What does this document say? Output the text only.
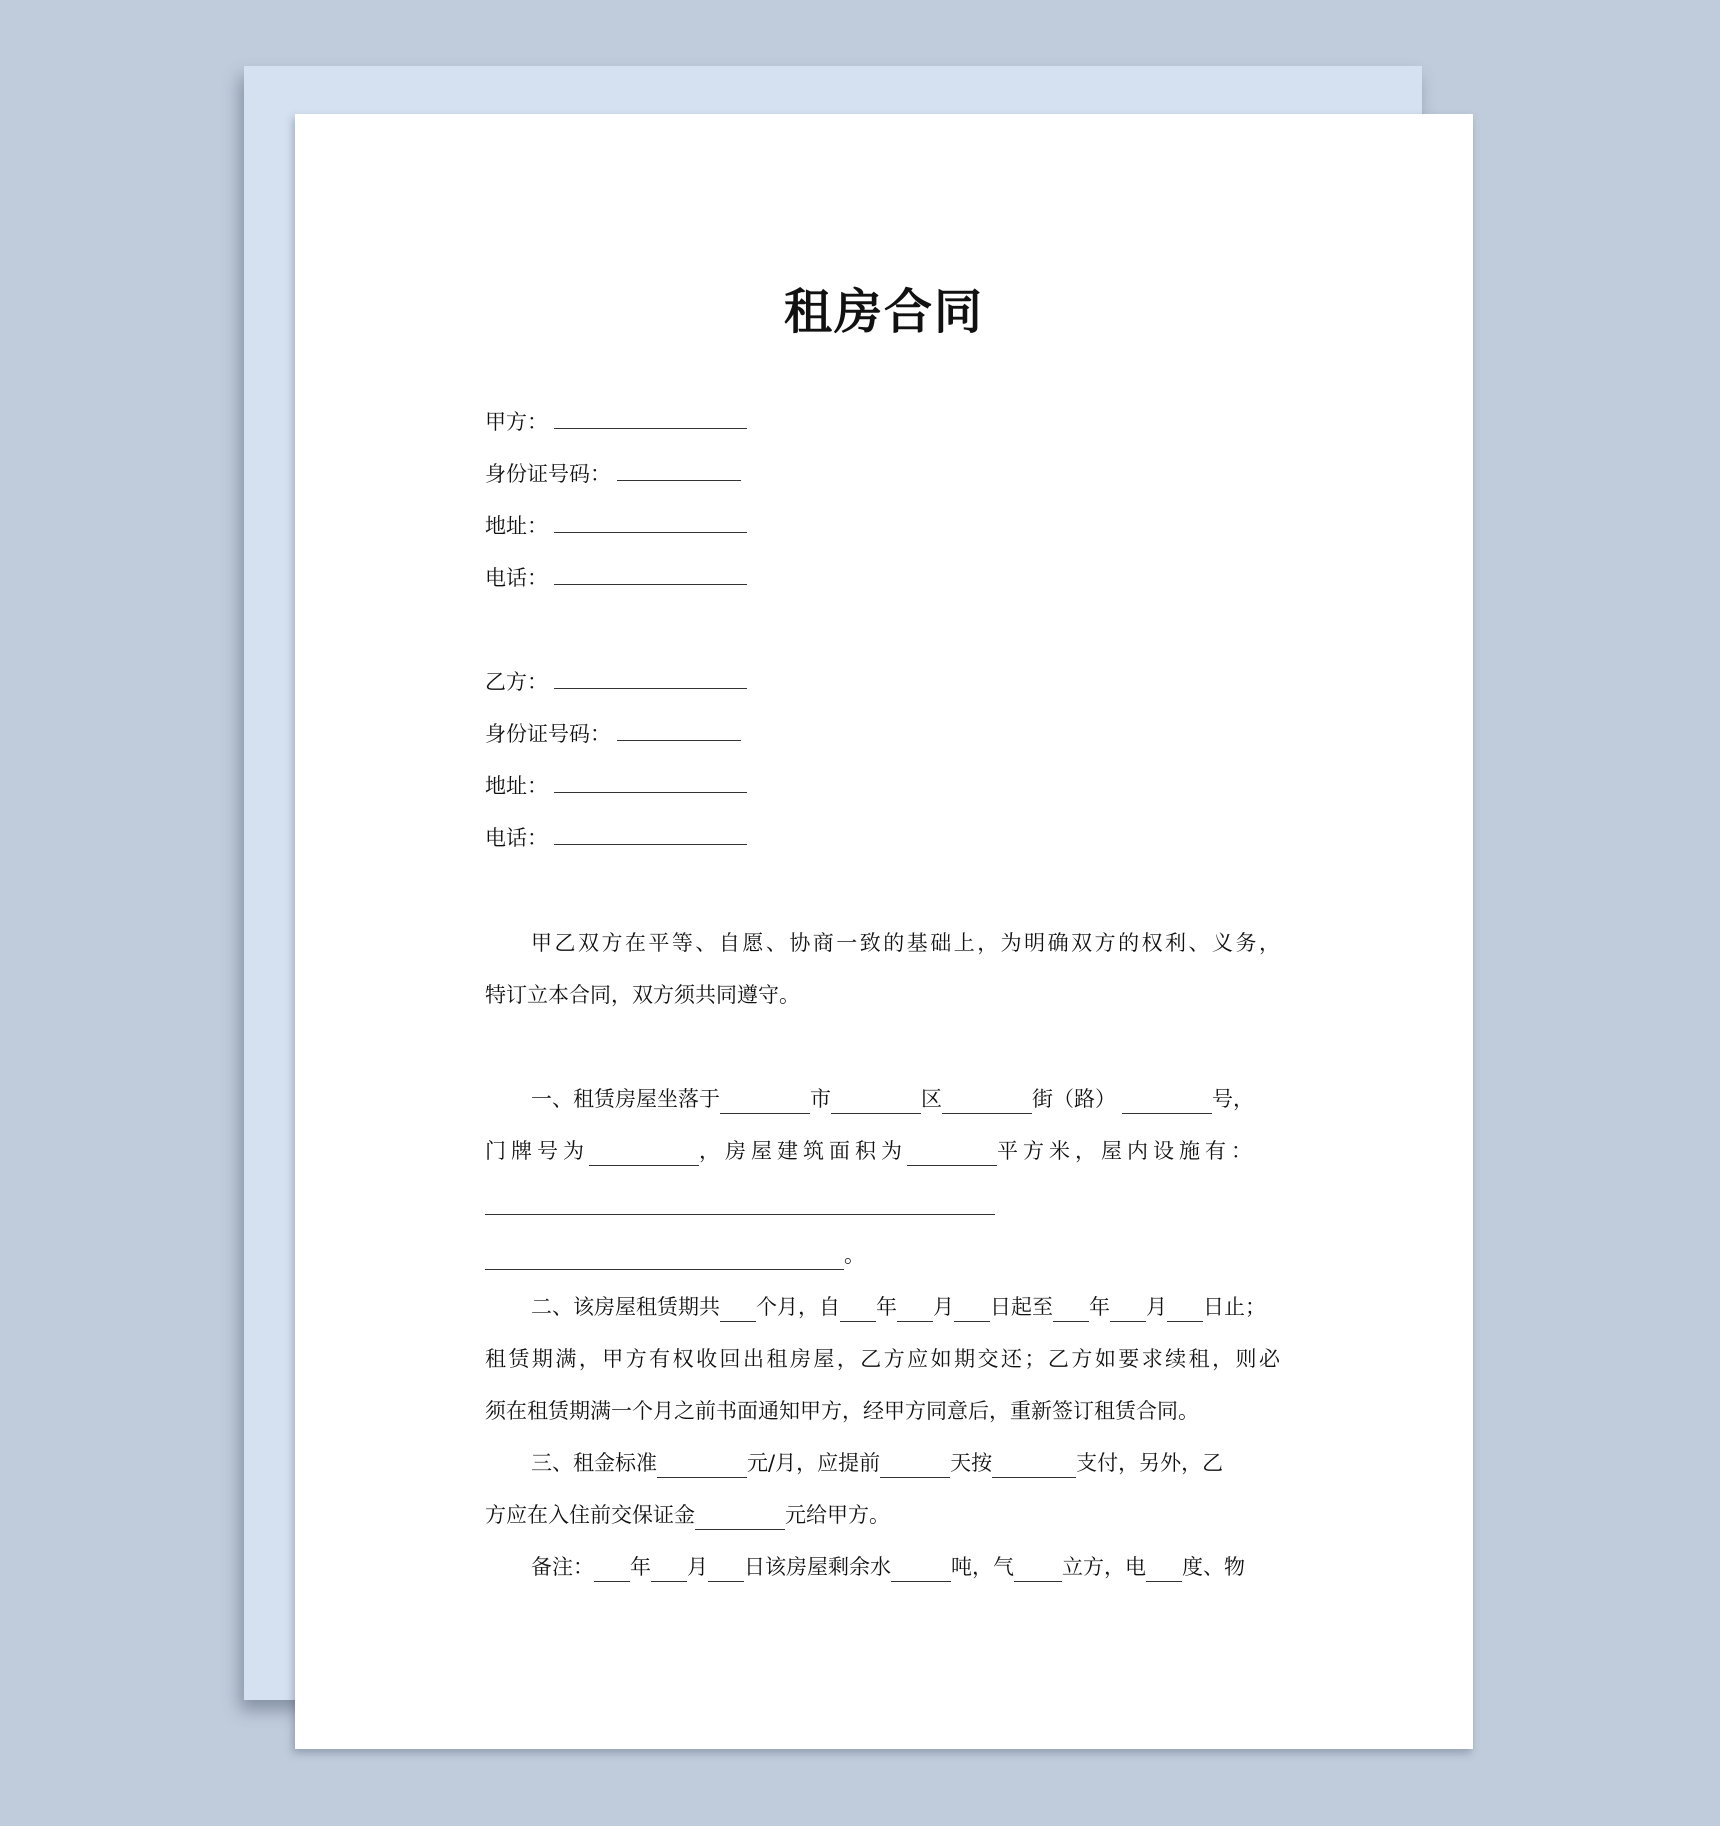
租房合同
甲方：
身份证号码：
地址：
电话：
乙方：
身份证号码：
地址：
电话：
甲乙双方在平等、自愿、协商一致的基础上，为明确双方的权利、义务，
特订立本合同，双方须共同遵守。
一、租赁房屋坐落于	市	区	街（路）	号，
门牌号为	，房屋建筑面积为	平方米，屋内设施有：
。
二、该房屋租赁期共 个月，自 年 月 日起至 年 月 日止；
租赁期满，甲方有权收回出租房屋，乙方应如期交还；乙方如要求续租，则必
须在租赁期满一个月之前书面通知甲方，经甲方同意后，重新签订租赁合同。
三、租金标准	元/月，应提前	天按	支付，另外，乙
方应在入住前交保证金	元给甲方。
备注： 年 月 日该房屋剩余水	吨，气 立方，电 度、物
